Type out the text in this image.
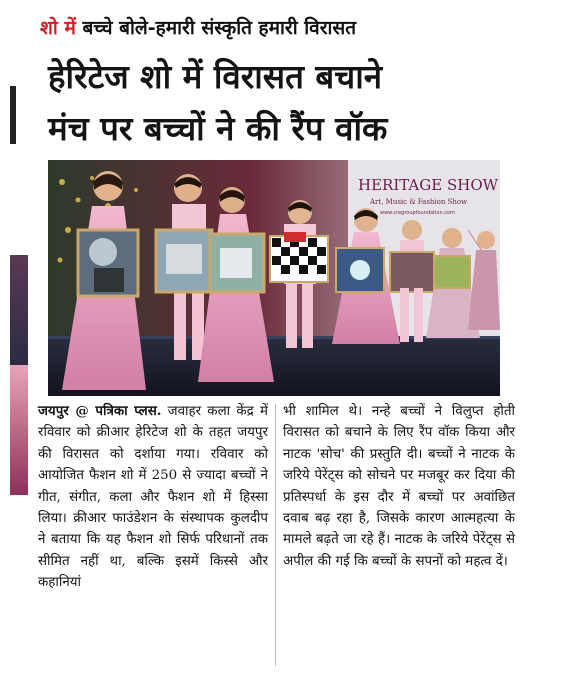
शो में बच्चे बोले-हमारी संस्कृति हमारी विरासत
हेरिटेज शो में विरासत बचाने
मंच पर बच्चों ने की रैंप वॉक
HERITAGE SHOW
Art, Music & Fashion Show
www.cregroupfoundation.com
जयपुर @ पत्रिका प्लस. जवाहर कला केंद्र में रविवार को क्रीआर हेरिटेज शो के तहत जयपुर की विरासत को दर्शाया गया। रविवार को आयोजित फैशन शो में 250 से ज्यादा बच्चों ने गीत, संगीत, कला और फैशन शो में हिस्सा लिया। क्रीआर फाउंडेशन के संस्थापक कुलदीप ने बताया कि यह फैशन शो सिर्फ परिधानों तक सीमित नहीं था, बल्कि इसमें किस्से और कहानियां
भी शामिल थे। नन्हे बच्चों ने विलुप्त होती विरासत को बचाने के लिए रैंप वॉक किया और नाटक 'सोच' की प्रस्तुति दी। बच्चों ने नाटक के जरिये पेरेंट्स को सोचने पर मजबूर कर दिया की प्रतिस्पर्धा के इस दौर में बच्चों पर अवांछित दवाब बढ़ रहा है, जिसके कारण आत्महत्या के मामले बढ़ते जा रहे हैं। नाटक के जरिये पेरेंट्स से अपील की गई कि बच्चों के सपनों को महत्व दें।
